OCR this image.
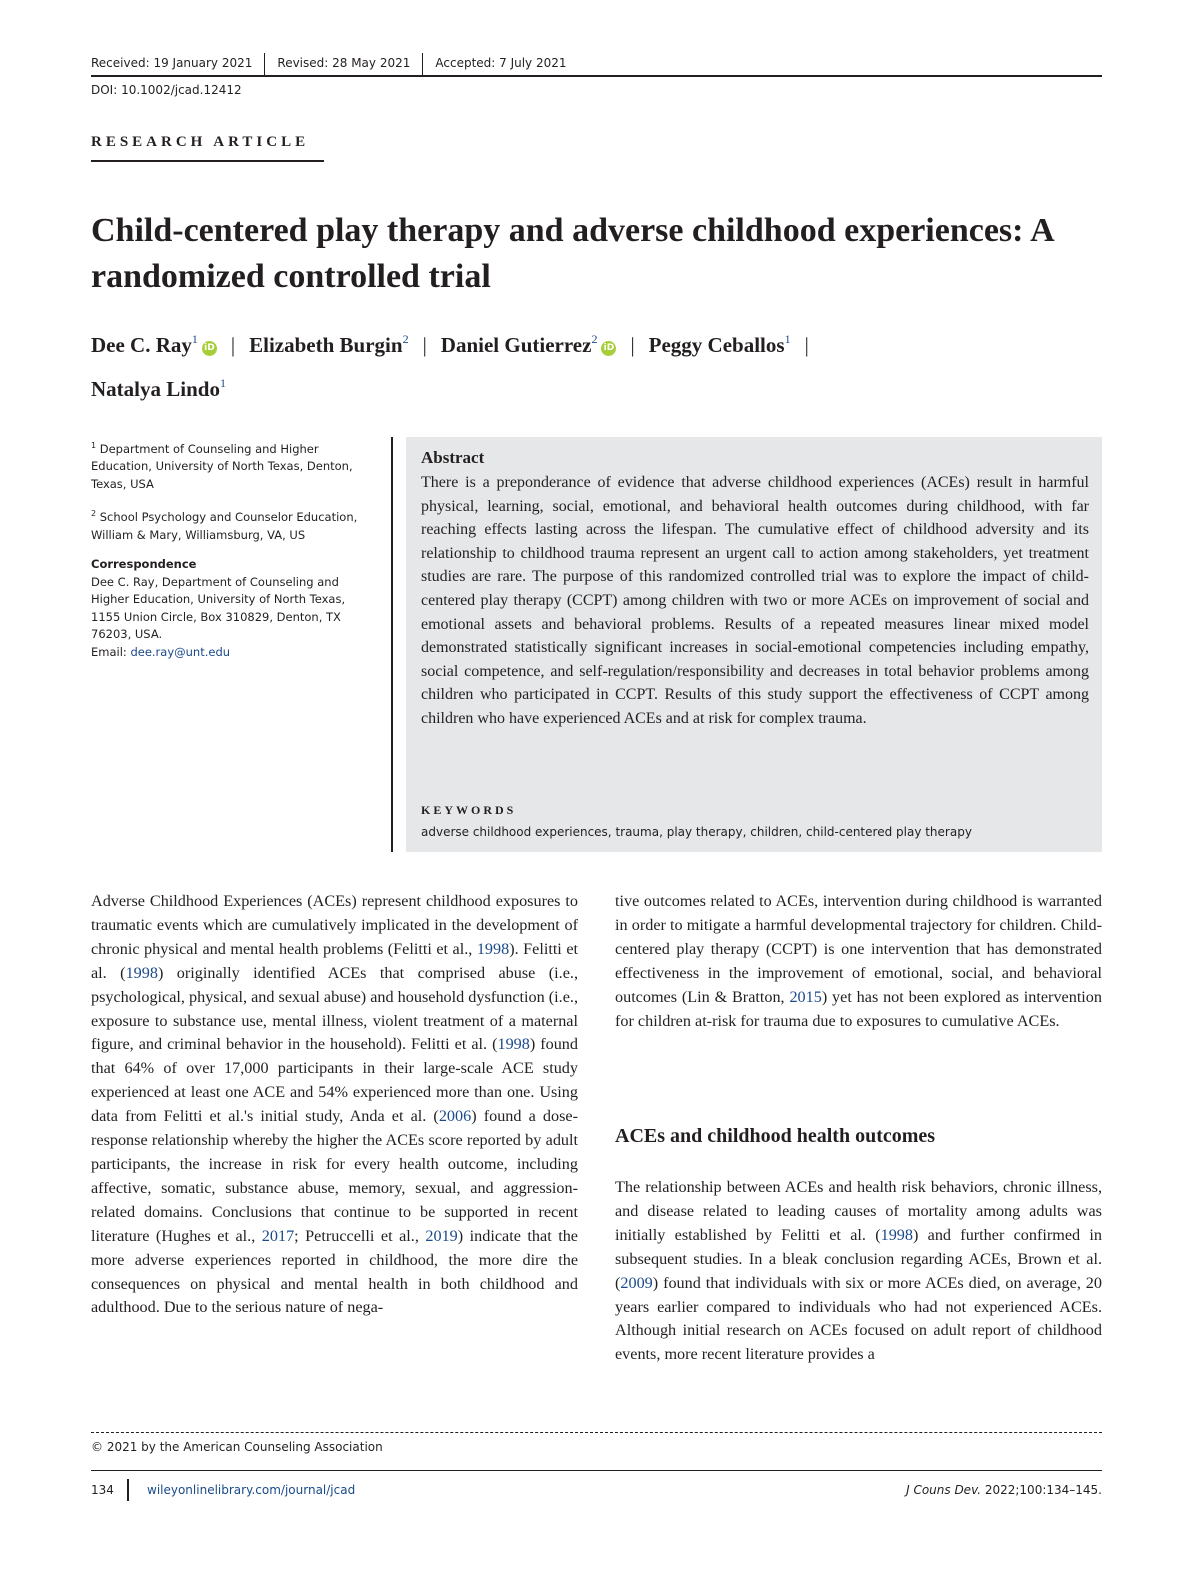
Received: 19 January 2021 Revised: 28 May 2021 Accepted: 7 July 2021
DOI: 10.1002/jcad.12412
RESEARCH ARTICLE
Child-centered play therapy and adverse childhood experiences: A randomized controlled trial
Dee C. Ray$^1$iD | Elizabeth Burgin$^2$ | Daniel Gutierrez$^2$iD | Peggy Ceballos$^1$ |
Natalya Lindo$^1$

$^1$ Department of Counseling and Higher Education, University of North Texas, Denton, Texas, USA

$^2$ School Psychology and Counselor Education, William & Mary, Williamsburg, VA, US

Correspondence
Dee C. Ray, Department of Counseling and Higher Education, University of North Texas, 1155 Union Circle, Box 310829, Denton, TX 76203, USA.
Email: dee.ray@unt.edu

Abstract
There is a preponderance of evidence that adverse childhood experiences (ACEs) result in harmful physical, learning, social, emotional, and behavioral health outcomes during childhood, with far reaching effects lasting across the lifespan. The cumulative effect of childhood adversity and its relationship to childhood trauma represent an urgent call to action among stakeholders, yet treatment studies are rare. The purpose of this randomized controlled trial was to explore the impact of child-centered play therapy (CCPT) among children with two or more ACEs on improvement of social and emotional assets and behavioral problems. Results of a repeated measures linear mixed model demonstrated statistically significant increases in social-emotional competencies including empathy, social competence, and self-regulation/responsibility and decreases in total behavior problems among children who participated in CCPT. Results of this study support the effectiveness of CCPT among children who have experienced ACEs and at risk for complex trauma.
KEYWORDS
adverse childhood experiences, trauma, play therapy, children, child-centered play therapy
Adverse Childhood Experiences (ACEs) represent childhood exposures to traumatic events which are cumulatively implicated in the development of chronic physical and mental health problems (Felitti et al., 1998). Felitti et al. (1998) originally identified ACEs that comprised abuse (i.e., psychological, physical, and sexual abuse) and household dysfunction (i.e., exposure to substance use, mental illness, violent treatment of a maternal figure, and criminal behavior in the household). Felitti et al. (1998) found that 64% of over 17,000 participants in their large-scale ACE study experienced at least one ACE and 54% experienced more than one. Using data from Felitti et al.'s initial study, Anda et al. (2006) found a dose-response relationship whereby the higher the ACEs score reported by adult participants, the increase in risk for every health outcome, including affective, somatic, substance abuse, memory, sexual, and aggression-related domains. Conclusions that continue to be supported in recent literature (Hughes et al., 2017; Petruccelli et al., 2019) indicate that the more adverse experiences reported in childhood, the more dire the consequences on physical and mental health in both childhood and adulthood. Due to the serious nature of nega-
tive outcomes related to ACEs, intervention during childhood is warranted in order to mitigate a harmful developmental trajectory for children. Child-centered play therapy (CCPT) is one intervention that has demonstrated effectiveness in the improvement of emotional, social, and behavioral outcomes (Lin & Bratton, 2015) yet has not been explored as intervention for children at-risk for trauma due to exposures to cumulative ACEs.
ACEs and childhood health outcomes
The relationship between ACEs and health risk behaviors, chronic illness, and disease related to leading causes of mortality among adults was initially established by Felitti et al. (1998) and further confirmed in subsequent studies. In a bleak conclusion regarding ACEs, Brown et al. (2009) found that individuals with six or more ACEs died, on average, 20 years earlier compared to individuals who had not experienced ACEs. Although initial research on ACEs focused on adult report of childhood events, more recent literature provides a
© 2021 by the American Counseling Association
134	wileyonlinelibrary.com/journal/jcad	J Couns Dev. 2022;100:134–145.
